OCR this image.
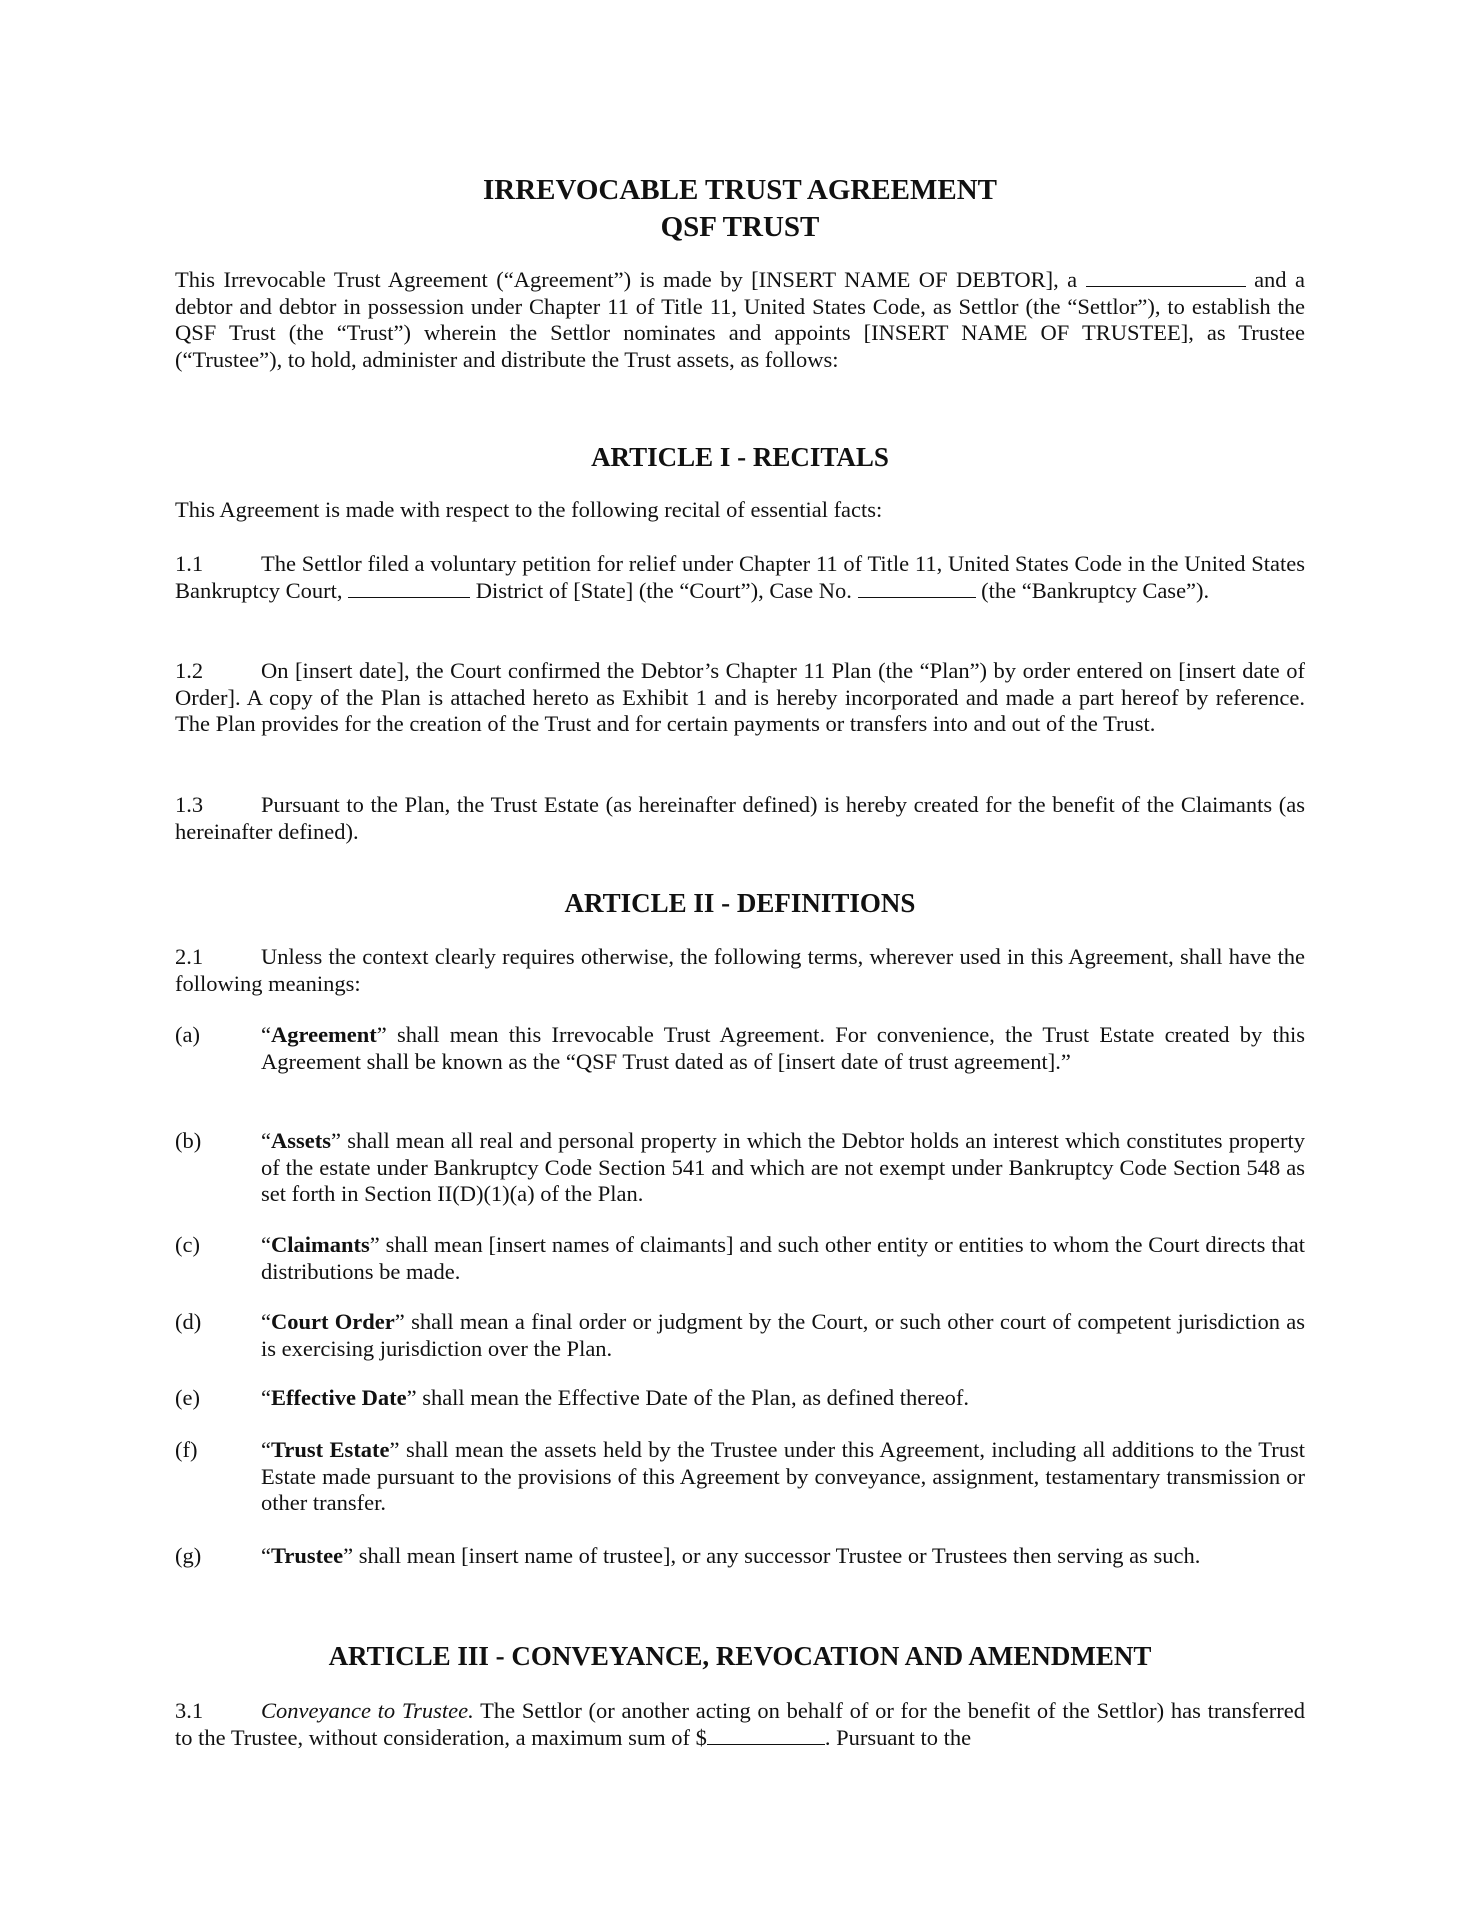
IRREVOCABLE TRUST AGREEMENT
QSF TRUST

This Irrevocable Trust Agreement (“Agreement”) is made by [INSERT NAME OF DEBTOR], a	and a debtor and debtor in possession under Chapter 11 of Title 11, United States Code, as Settlor (the “Settlor”), to establish the QSF Trust (the “Trust”) wherein the Settlor nominates and appoints [INSERT NAME OF TRUSTEE], as Trustee (“Trustee”), to hold, administer and distribute the Trust assets, as follows:

ARTICLE I - RECITALS

This Agreement is made with respect to the following recital of essential facts:

1.1	The Settlor filed a voluntary petition for relief under Chapter 11 of Title 11, United States Code in the United States Bankruptcy Court,	District of [State] (the “Court”), Case No.	(the “Bankruptcy Case”).

1.2	On [insert date], the Court confirmed the Debtor’s Chapter 11 Plan (the “Plan”) by order entered on [insert date of Order]. A copy of the Plan is attached hereto as Exhibit 1 and is hereby incorporated and made a part hereof by reference. The Plan provides for the creation of the Trust and for certain payments or transfers into and out of the Trust.

1.3	Pursuant to the Plan, the Trust Estate (as hereinafter defined) is hereby created for the benefit of the Claimants (as hereinafter defined).

ARTICLE II - DEFINITIONS

2.1	Unless the context clearly requires otherwise, the following terms, wherever used in this Agreement, shall have the following meanings:

(a)	“Agreement” shall mean this Irrevocable Trust Agreement. For convenience, the Trust Estate created by this Agreement shall be known as the “QSF Trust dated as of [insert date of trust agreement].”
(b)	“Assets” shall mean all real and personal property in which the Debtor holds an interest which constitutes property of the estate under Bankruptcy Code Section 541 and which are not exempt under Bankruptcy Code Section 548 as set forth in Section II(D)(1)(a) of the Plan.
(c)	“Claimants” shall mean [insert names of claimants] and such other entity or entities to whom the Court directs that distributions be made.
(d)	“Court Order” shall mean a final order or judgment by the Court, or such other court of competent jurisdiction as is exercising jurisdiction over the Plan.
(e)	“Effective Date” shall mean the Effective Date of the Plan, as defined thereof.
(f)	“Trust Estate” shall mean the assets held by the Trustee under this Agreement, including all additions to the Trust Estate made pursuant to the provisions of this Agreement by conveyance, assignment, testamentary transmission or other transfer.
(g)	“Trustee” shall mean [insert name of trustee], or any successor Trustee or Trustees then serving as such.
ARTICLE III - CONVEYANCE, REVOCATION AND AMENDMENT

3.1	Conveyance to Trustee. The Settlor (or another acting on behalf of or for the benefit of the Settlor) has transferred to the Trustee, without consideration, a maximum sum of $	. Pursuant to the
